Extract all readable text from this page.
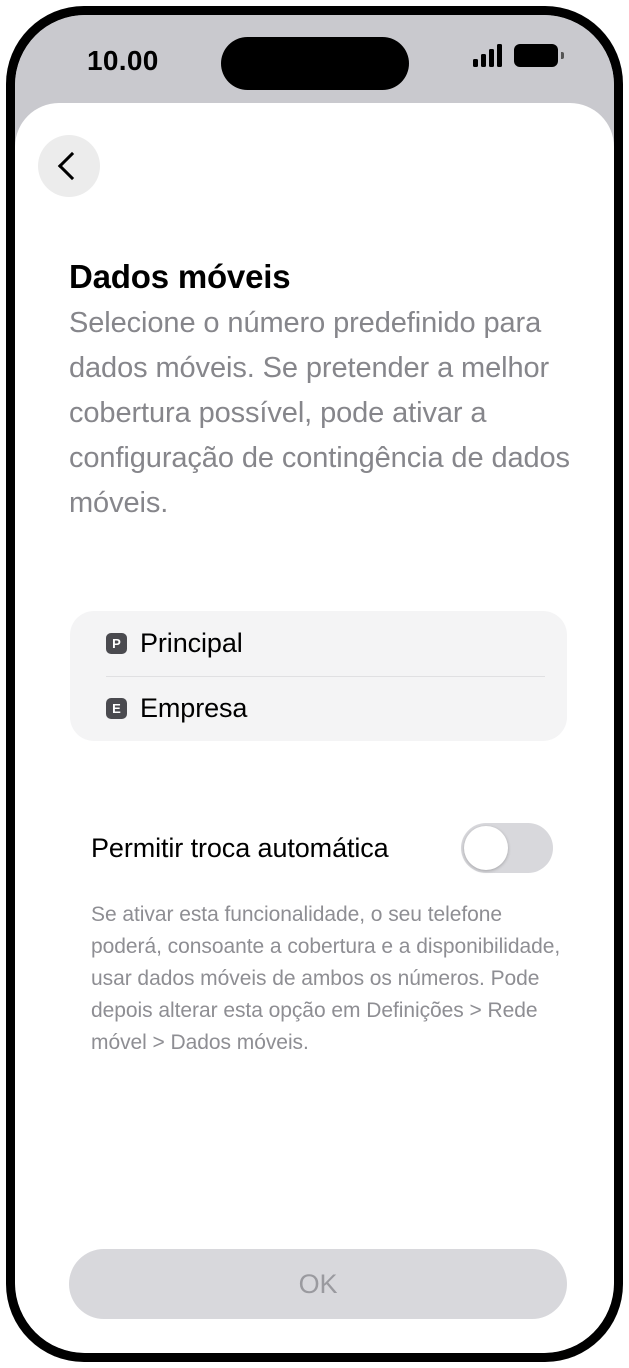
10.00
Dados móveis
Selecione o número predefinido para dados móveis. Se pretender a melhor cobertura possível, pode ativar a configuração de contingência de dados móveis.
P Principal
E Empresa
Permitir troca automática
Se ativar esta funcionalidade, o seu telefone poderá, consoante a cobertura e a disponibilidade, usar dados móveis de ambos os números. Pode depois alterar esta opção em Definições > Rede móvel > Dados móveis.
OK
